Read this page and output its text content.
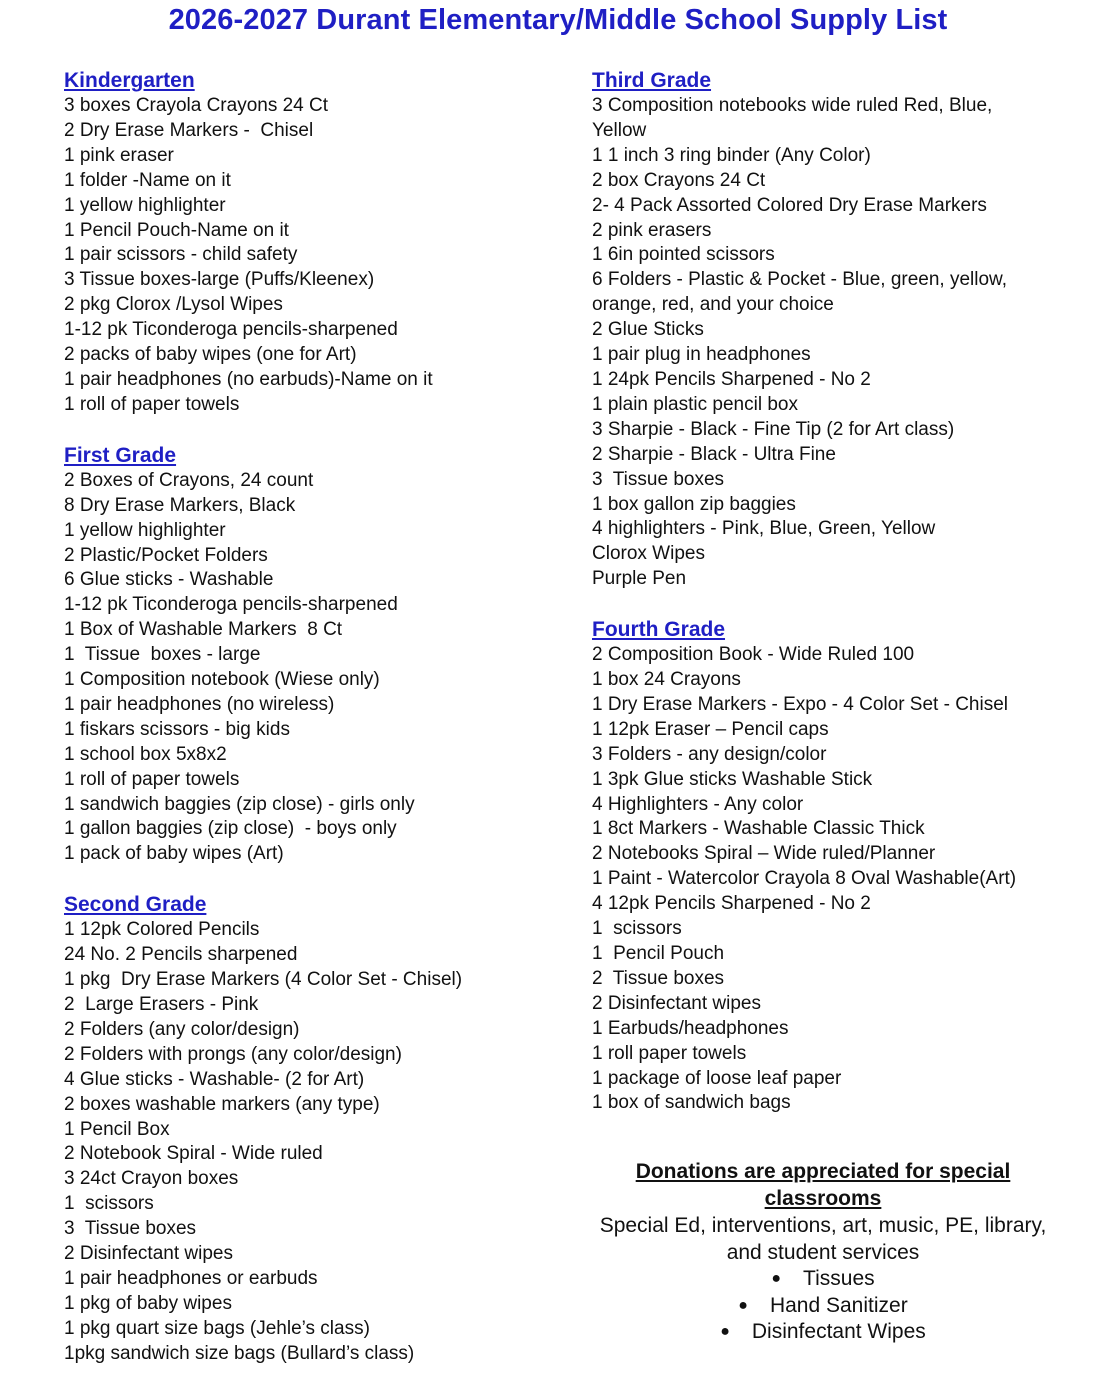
2026-2027 Durant Elementary/Middle School Supply List
Kindergarten
3 boxes Crayola Crayons 24 Ct
2 Dry Erase Markers -  Chisel
1 pink eraser
1 folder -Name on it
1 yellow highlighter
1 Pencil Pouch-Name on it
1 pair scissors - child safety
3 Tissue boxes-large (Puffs/Kleenex)
2 pkg Clorox /Lysol Wipes
1-12 pk Ticonderoga pencils-sharpened
2 packs of baby wipes (one for Art)
1 pair headphones (no earbuds)-Name on it
1 roll of paper towels
First Grade
2 Boxes of Crayons, 24 count
8 Dry Erase Markers, Black
1 yellow highlighter
2 Plastic/Pocket Folders
6 Glue sticks - Washable
1-12 pk Ticonderoga pencils-sharpened
1 Box of Washable Markers  8 Ct
1  Tissue  boxes - large
1 Composition notebook (Wiese only)
1 pair headphones (no wireless)
1 fiskars scissors - big kids
1 school box 5x8x2
1 roll of paper towels
1 sandwich baggies (zip close) - girls only
1 gallon baggies (zip close)  - boys only
1 pack of baby wipes (Art)
Second Grade
1 12pk Colored Pencils
24 No. 2 Pencils sharpened
1 pkg  Dry Erase Markers (4 Color Set - Chisel)
2  Large Erasers - Pink
2 Folders (any color/design)
2 Folders with prongs (any color/design)
4 Glue sticks - Washable- (2 for Art)
2 boxes washable markers (any type)
1 Pencil Box
2 Notebook Spiral - Wide ruled
3 24ct Crayon boxes
1  scissors
3  Tissue boxes
2 Disinfectant wipes
1 pair headphones or earbuds
1 pkg of baby wipes
1 pkg quart size bags (Jehle’s class)
1pkg sandwich size bags (Bullard’s class)
Third Grade
3 Composition notebooks wide ruled Red, Blue,
Yellow
1 1 inch 3 ring binder (Any Color)
2 box Crayons 24 Ct
2- 4 Pack Assorted Colored Dry Erase Markers
2 pink erasers
1 6in pointed scissors
6 Folders - Plastic & Pocket - Blue, green, yellow,
orange, red, and your choice
2 Glue Sticks
1 pair plug in headphones
1 24pk Pencils Sharpened - No 2
1 plain plastic pencil box
3 Sharpie - Black - Fine Tip (2 for Art class)
2 Sharpie - Black - Ultra Fine
3  Tissue boxes
1 box gallon zip baggies
4 highlighters - Pink, Blue, Green, Yellow
Clorox Wipes
Purple Pen
Fourth Grade
2 Composition Book - Wide Ruled 100
1 box 24 Crayons
1 Dry Erase Markers - Expo - 4 Color Set - Chisel
1 12pk Eraser – Pencil caps
3 Folders - any design/color
1 3pk Glue sticks Washable Stick
4 Highlighters - Any color
1 8ct Markers - Washable Classic Thick
2 Notebooks Spiral – Wide ruled/Planner
1 Paint - Watercolor Crayola 8 Oval Washable(Art)
4 12pk Pencils Sharpened - No 2
1  scissors
1  Pencil Pouch
2  Tissue boxes
2 Disinfectant wipes
1 Earbuds/headphones
1 roll paper towels
1 package of loose leaf paper
1 box of sandwich bags
Donations are appreciated for special classrooms
Special Ed, interventions, art, music, PE, library, and student services
● Tissues
● Hand Sanitizer
● Disinfectant Wipes
